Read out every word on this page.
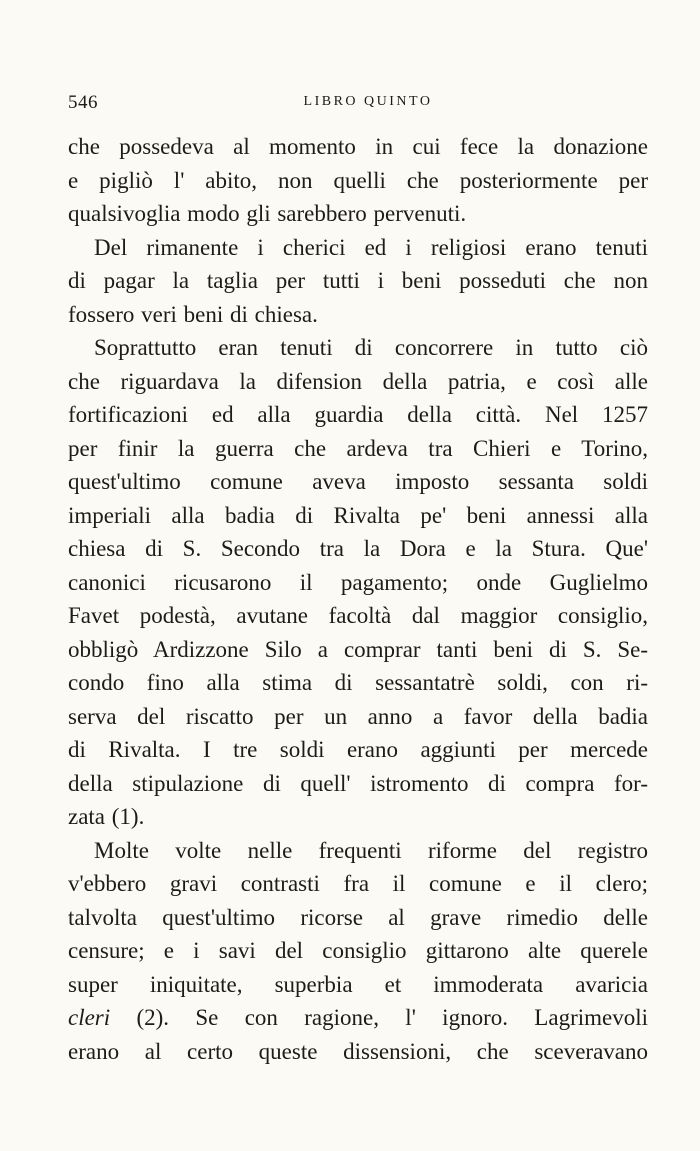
546	LIBRO QUINTO
che possedeva al momento in cui fece la donazione
e pigliò l' abito, non quelli che posteriormente per
qualsivoglia modo gli sarebbero pervenuti.
Del rimanente i cherici ed i religiosi erano tenuti
di pagar la taglia per tutti i beni posseduti che non
fossero veri beni di chiesa.
Soprattutto eran tenuti di concorrere in tutto ciò
che riguardava la difension della patria, e così alle
fortificazioni ed alla guardia della città. Nel 1257
per finir la guerra che ardeva tra Chieri e Torino,
quest'ultimo comune aveva imposto sessanta soldi
imperiali alla badia di Rivalta pe' beni annessi alla
chiesa di S. Secondo tra la Dora e la Stura. Que'
canonici ricusarono il pagamento; onde Guglielmo
Favet podestà, avutane facoltà dal maggior consiglio,
obbligò Ardizzone Silo a comprar tanti beni di S. Se-
condo fino alla stima di sessantatrè soldi, con ri-
serva del riscatto per un anno a favor della badia
di Rivalta. I tre soldi erano aggiunti per mercede
della stipulazione di quell' istromento di compra for-
zata (1).
Molte volte nelle frequenti riforme del registro
v'ebbero gravi contrasti fra il comune e il clero;
talvolta quest'ultimo ricorse al grave rimedio delle
censure; e i savi del consiglio gittarono alte querele
super iniquitate, superbia et immoderata avaricia
cleri (2). Se con ragione, l' ignoro. Lagrimevoli
erano al certo queste dissensioni, che sceveravano
